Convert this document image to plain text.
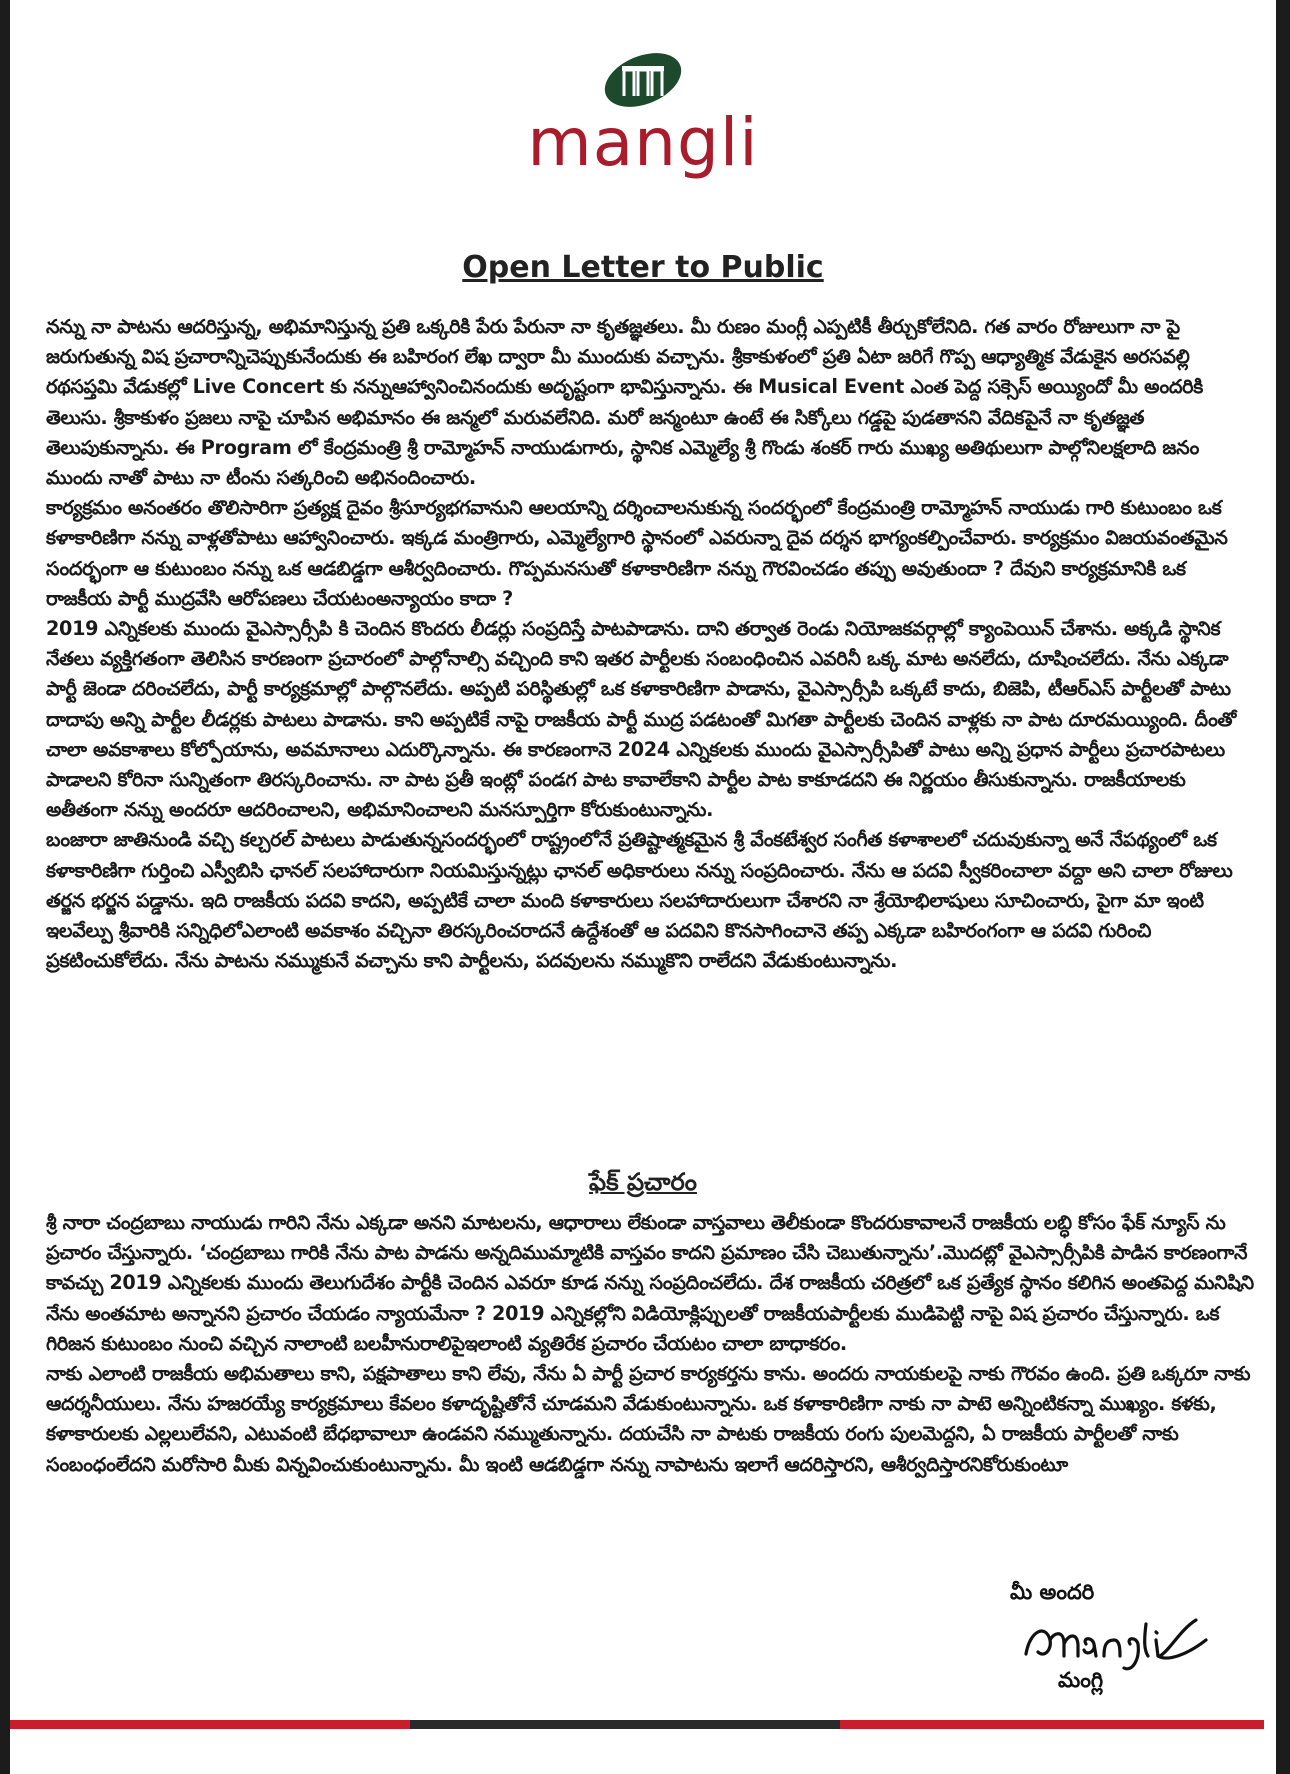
mangli
Open Letter to Public

నన్ను నా పాటను ఆదరిస్తున్న, అభిమానిస్తున్న ప్రతి ఒక్కరికి పేరు పేరునా నా కృతజ్ఞతలు. మీ రుణం మంగ్లీ ఎప్పటికీ తీర్చుకోలేనిది. గత వారం రోజులుగా నా పై జరుగుతున్న విష ప్రచారాన్నిచెప్పుకునేందుకు ఈ బహిరంగ లేఖ ద్వారా మీ ముందుకు వచ్చాను. శ్రీకాకుళంలో ప్రతి ఏటా జరిగే గొప్ప ఆధ్యాత్మిక వేడుకైన అరసవల్లి రథసప్తమి వేడుకల్లో Live Concert కు నన్నుఆహ్వానించినందుకు అదృష్టంగా భావిస్తున్నాను. ఈ Musical Event ఎంత పెద్ద సక్సెస్ అయ్యిందో మీ అందరికి తెలుసు. శ్రీకాకుళం ప్రజలు నాపై చూపిన అభిమానం ఈ జన్మలో మరువలేనిది. మరో జన్మంటూ ఉంటే ఈ సిక్కోలు గడ్డపై పుడతానని వేదికపైనే నా కృతజ్ఞత తెలుపుకున్నాను. ఈ Program లో కేంద్రమంత్రి శ్రీ రామ్మోహన్ నాయుడుగారు, స్థానిక ఎమ్మెల్యే శ్రీ గొండు శంకర్ గారు ముఖ్య అతిథులుగా పాల్గోనిలక్షలాది జనం ముందు నాతో పాటు నా టీంను సత్కరించి అభినందించారు.

కార్యక్రమం అనంతరం తొలిసారిగా ప్రత్యక్ష దైవం శ్రీసూర్యభగవానుని ఆలయాన్ని దర్శించాలనుకున్న సందర్భంలో కేంద్రమంత్రి రామ్మోహన్ నాయుడు గారి కుటుంబం ఒక కళాకారిణిగా నన్ను వాళ్లతోపాటు ఆహ్వానించారు. ఇక్కడ మంత్రిగారు, ఎమ్మెల్యేగారి స్థానంలో ఎవరున్నా దైవ దర్శన భాగ్యంకల్పించేవారు. కార్యక్రమం విజయవంతమైన సందర్భంగా ఆ కుటుంబం నన్ను ఒక ఆడబిడ్డగా ఆశీర్వదించారు. గొప్పమనసుతో కళాకారిణిగా నన్ను గౌరవించడం తప్పు అవుతుందా ? దేవుని కార్యక్రమానికి ఒక రాజకీయ పార్టీ ముద్రవేసి ఆరోపణలు చేయటంఅన్యాయం కాదా ?

2019 ఎన్నికలకు ముందు వైఎస్సార్సీపి కి చెందిన కొందరు లీడర్లు సంప్రదిస్తే పాటపాడాను. దాని తర్వాత రెండు నియోజకవర్గాల్లో క్యాంపెయిన్ చేశాను. అక్కడి స్థానిక నేతలు వ్యక్తిగతంగా తెలిసిన కారణంగా ప్రచారంలో పాల్గోనాల్సి వచ్చింది కాని ఇతర పార్టీలకు సంబంధించిన ఎవరినీ ఒక్క మాట అనలేదు, దూషించలేదు. నేను ఎక్కడా పార్టీ జెండా దరించలేదు, పార్టీ కార్యక్రమాల్లో పాల్గొనలేదు. అప్పటి పరిస్థితుల్లో ఒక కళాకారిణిగా పాడాను, వైఎస్సార్సీపి ఒక్కటే కాదు, బిజెపి, టీఆర్ఎస్ పార్టీలతో పాటు దాదాపు అన్ని పార్టీల లీడర్లకు పాటలు పాడాను. కాని అప్పటికే నాపై రాజకీయ పార్టీ ముద్ర పడటంతో మిగతా పార్టీలకు చెందిన వాళ్లకు నా పాట దూరమయ్యింది. దీంతో చాలా అవకాశాలు కోల్పోయాను, అవమానాలు ఎదుర్కొన్నాను. ఈ కారణంగానె 2024 ఎన్నికలకు ముందు వైఎస్సార్సీపితో పాటు అన్ని ప్రధాన పార్టీలు ప్రచారపాటలు పాడాలని కోరినా సున్నితంగా తిరస్కరించాను. నా పాట ప్రతీ ఇంట్లో పండగ పాట కావాలేకాని పార్టీల పాట కాకూడదని ఈ నిర్ణయం తీసుకున్నాను. రాజకీయాలకు అతీతంగా నన్ను అందరూ ఆదరించాలని, అభిమానించాలని మనస్పూర్తిగా కోరుకుంటున్నాను.

బంజారా జాతినుండి వచ్చి కల్చరల్ పాటలు పాడుతున్నసందర్భంలో రాష్ట్రంలోనే ప్రతిష్టాత్మకమైన శ్రీ వేంకటేశ్వర సంగీత కళాశాలలో చదువుకున్నా అనే నేపథ్యంలో ఒక కళాకారిణిగా గుర్తించి ఎస్వీబిసి ఛానల్ సలహాదారుగా నియమిస్తున్నట్లు ఛానల్ అధికారులు నన్ను సంప్రదించారు. నేను ఆ పదవి స్వీకరించాలా వద్దా అని చాలా రోజులు తర్జన భర్జన పడ్డాను. ఇది రాజకీయ పదవి కాదని, అప్పటికే చాలా మంది కళాకారులు సలహాదారులుగా చేశారని నా శ్రేయోభిలాషులు సూచించారు, పైగా మా ఇంటి ఇలవేల్పు శ్రీవారికి సన్నిధిలోఎలాంటి అవకాశం వచ్చినా తిరస్కరించరాదనే ఉద్దేశంతో ఆ పదవిని కొనసాగించానె తప్ప ఎక్కడా బహిరంగంగా ఆ పదవి గురించి ప్రకటించుకోలేదు. నేను పాటను నమ్ముకునే వచ్చాను కాని పార్టీలను, పదవులను నమ్ముకొని రాలేదని వేడుకుంటున్నాను.

ఫేక్ ప్రచారం

శ్రీ నారా చంద్రబాబు నాయుడు గారిని నేను ఎక్కడా అనని మాటలను, ఆధారాలు లేకుండా వాస్తవాలు తెలీకుండా కొందరుకావాలనే రాజకీయ లబ్ధి కోసం ఫేక్ న్యూస్ ను ప్రచారం చేస్తున్నారు. ‘చంద్రబాబు గారికి నేను పాట పాడను అన్నదిముమ్మాటికి వాస్తవం కాదని ప్రమాణం చేసి చెబుతున్నాను’.మొదట్లో వైఎస్సార్సీపికి పాడిన కారణంగానే కావచ్చు 2019 ఎన్నికలకు ముందు తెలుగుదేశం పార్టీకి చెందిన ఎవరూ కూడ నన్ను సంప్రదించలేదు. దేశ రాజకీయ చరిత్రలో ఒక ప్రత్యేక స్థానం కలిగిన అంతపెద్ద మనిషిని నేను అంతమాట అన్నానని ప్రచారం చేయడం న్యాయమేనా ? 2019 ఎన్నికల్లోని విడియోక్లిప్పులతో రాజకీయపార్టీలకు ముడిపెట్టి నాపై విష ప్రచారం చేస్తున్నారు. ఒక గిరిజన కుటుంబం నుంచి వచ్చిన నాలాంటి బలహీనురాలిపైఇలాంటి వ్యతిరేక ప్రచారం చేయటం చాలా బాధాకరం.

నాకు ఎలాంటి రాజకీయ అభిమతాలు కాని, పక్షపాతాలు కాని లేవు, నేను ఏ పార్టీ ప్రచార కార్యకర్తను కాను. అందరు నాయకులపై నాకు గౌరవం ఉంది. ప్రతి ఒక్కరూ నాకు ఆదర్శనీయులు. నేను హజరయ్యే కార్యక్రమాలు కేవలం కళాదృష్టితోనే చూడమని వేడుకుంటున్నాను. ఒక కళాకారిణిగా నాకు నా పాటె అన్నింటికన్నా ముఖ్యం. కళకు, కళాకారులకు ఎల్లలులేవని, ఎటువంటి బేధభావాలూ ఉండవని నమ్ముతున్నాను. దయచేసి నా పాటకు రాజకీయ రంగు పులమెద్దని, ఏ రాజకీయ పార్టీలతో నాకు సంబంధంలేదని మరోసారి మీకు విన్నవించుకుంటున్నాను. మీ ఇంటి ఆడబిడ్డగా నన్ను నాపాటను ఇలాగే ఆదరిస్తారని, ఆశీర్వదిస్తారనికోరుకుంటూ

మీ అందరి
మంగ్లి
